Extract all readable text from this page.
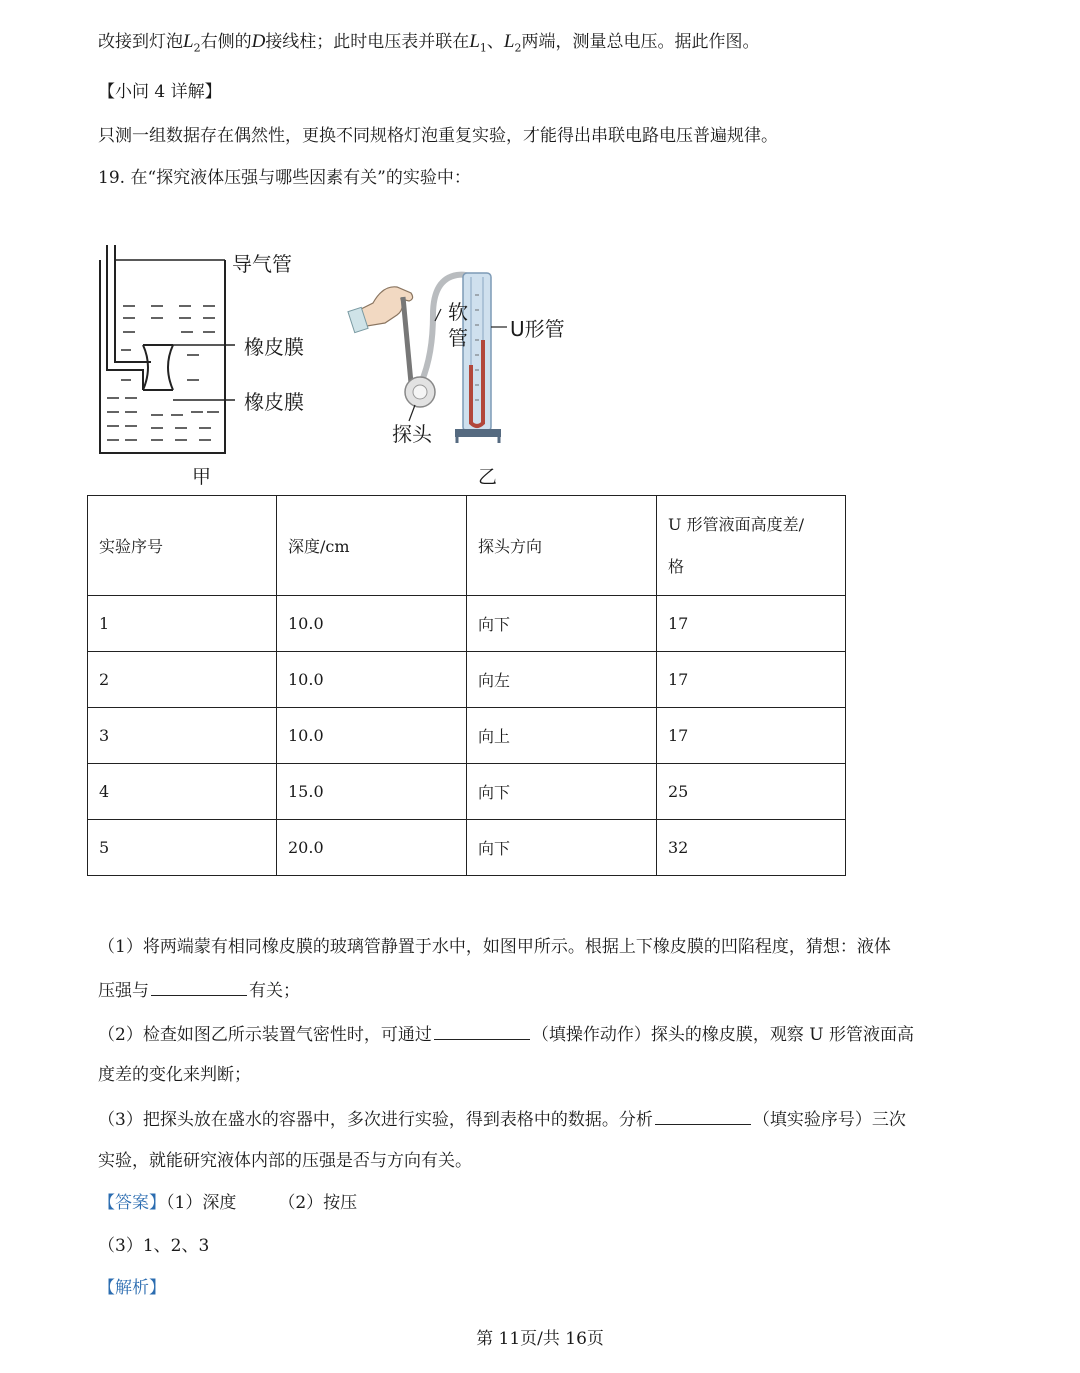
改接到灯泡$L_2$右侧的D接线柱；此时电压表并联在$L_1$、$L_2$两端，测量总电压。据此作图。
【小问 4 详解】
只测一组数据存在偶然性，更换不同规格灯泡重复实验，才能得出串联电路电压普遍规律。
19. 在“探究液体压强与哪些因素有关”的实验中：
导气管
橡皮膜
橡皮膜
甲
软
管 U形管
探头
乙
实验序号	深度/cm	探头方向	U 形管液面高度差/
格

1	10.0	向下	17
2	10.0	向左	17
3	10.0	向上	17
4	15.0	向下	25
5	20.0	向下	32
（1）将两端蒙有相同橡皮膜的玻璃管静置于水中，如图甲所示。根据上下橡皮膜的凹陷程度，猜想：液体
压强与	有关；
（2）检查如图乙所示装置气密性时，可通过	（填操作动作）探头的橡皮膜，观察 U 形管液面高
度差的变化来判断；
（3）把探头放在盛水的容器中，多次进行实验，得到表格中的数据。分析	（填实验序号）三次
实验，就能研究液体内部的压强是否与方向有关。
【答案】（1）深度 （2）按压
（3）1、2、3
【解析】
第 11页/共 16页
